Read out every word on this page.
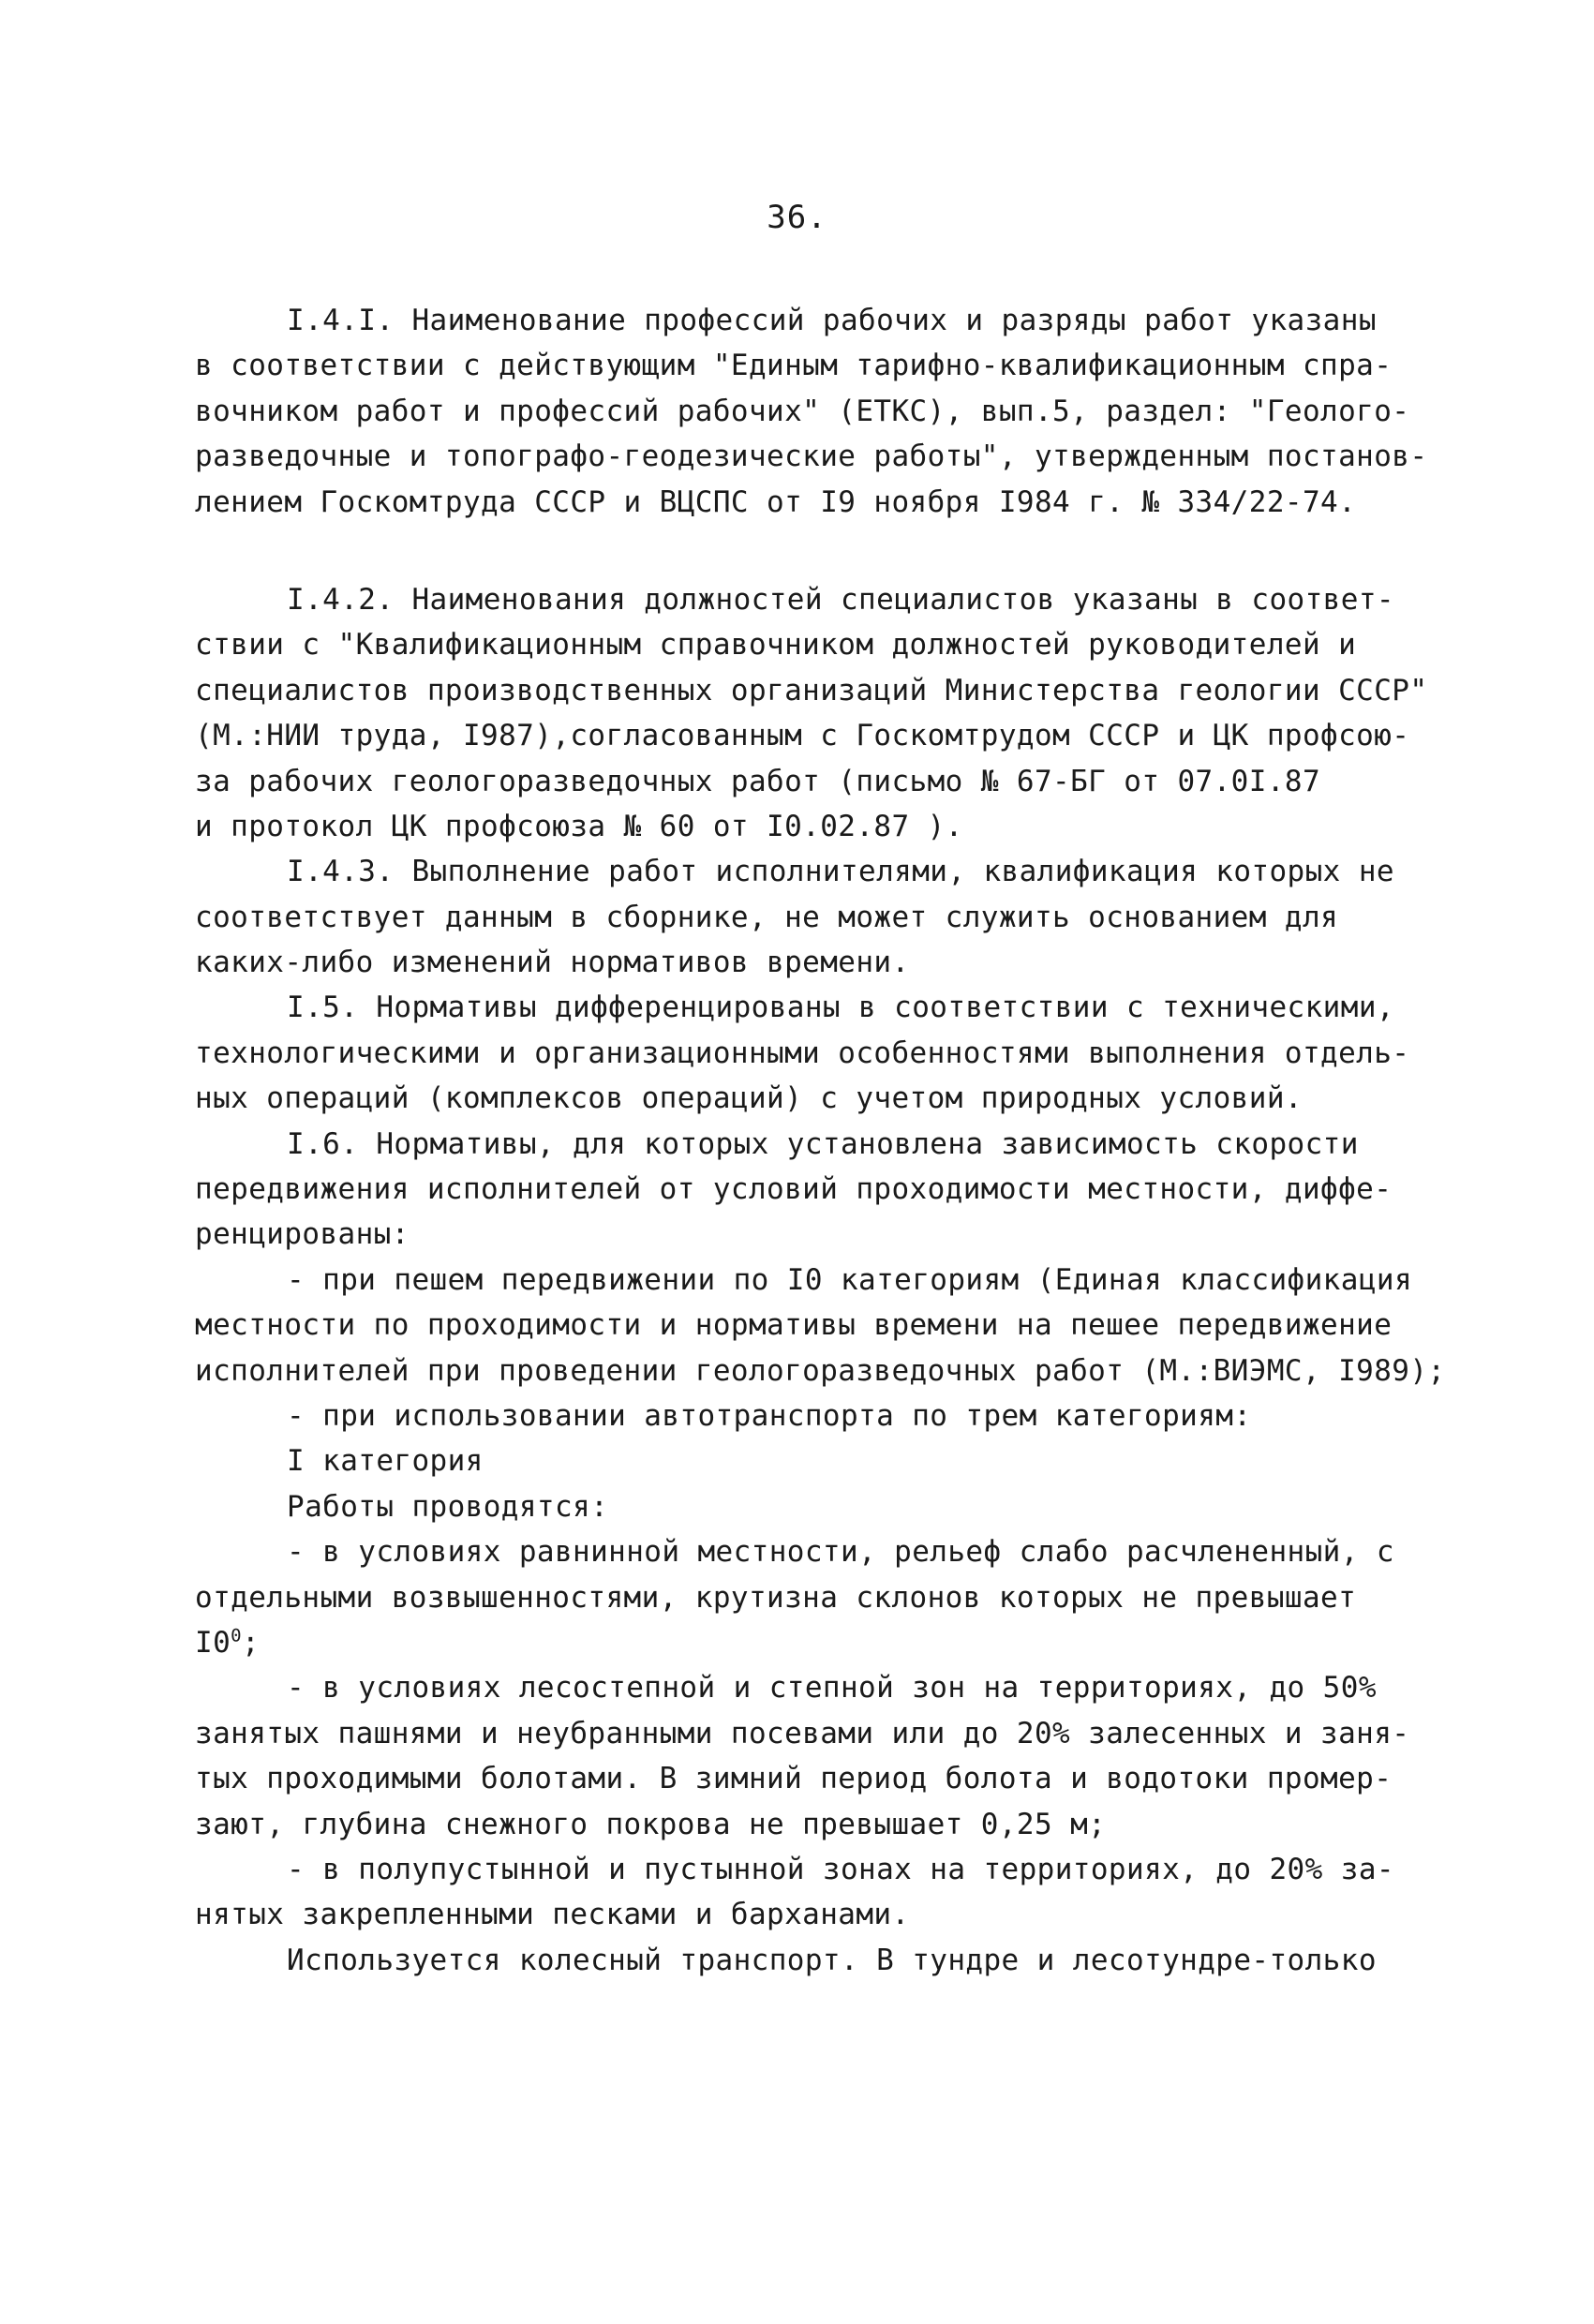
36.
I.4.I. Наименование профессий рабочих и разряды работ указаны
в соответствии с действующим "Единым тарифно-квалификационным спра-
вочником работ и профессий рабочих" (ЕТКС), вып.5, раздел: "Геолого-
разведочные и топографо-геодезические работы", утвержденным постанов-
лением Госкомтруда СССР и ВЦСПС от I9 ноября I984 г. № 334/22-74.
I.4.2. Наименования должностей специалистов указаны в соответ-
ствии с "Квалификационным справочником должностей руководителей и
специалистов производственных организаций Министерства геологии СССР"
(М.:НИИ труда, I987),согласованным с Госкомтрудом СССР и ЦК профсою-
за рабочих геологоразведочных работ (письмо № 67-БГ от 07.0I.87
и протокол ЦК профсоюза № 60 от I0.02.87 ).
I.4.3. Выполнение работ исполнителями, квалификация которых не
соответствует данным в сборнике, не может служить основанием для
каких-либо изменений нормативов времени.
I.5. Нормативы дифференцированы в соответствии с техническими,
технологическими и организационными особенностями выполнения отдель-
ных операций (комплексов операций) с учетом природных условий.
I.6. Нормативы, для которых установлена зависимость скорости
передвижения исполнителей от условий проходимости местности, диффе-
ренцированы:
- при пешем передвижении по I0 категориям (Единая классификация
местности по проходимости и нормативы времени на пешее передвижение
исполнителей при проведении геологоразведочных работ (М.:ВИЭМС, I989);
- при использовании автотранспорта по трем категориям:
I категория
Работы проводятся:
- в условиях равнинной местности, рельеф слабо расчлененный, с
отдельными возвышенностями, крутизна склонов которых не превышает
$I0^0$;
- в условиях лесостепной и степной зон на территориях, до 50%
занятых пашнями и неубранными посевами или до 20% залесенных и заня-
тых проходимыми болотами. В зимний период болота и водотоки промер-
зают, глубина снежного покрова не превышает 0,25 м;
- в полупустынной и пустынной зонах на территориях, до 20% за-
нятых закрепленными песками и барханами.
Используется колесный транспорт. В тундре и лесотундре-только
